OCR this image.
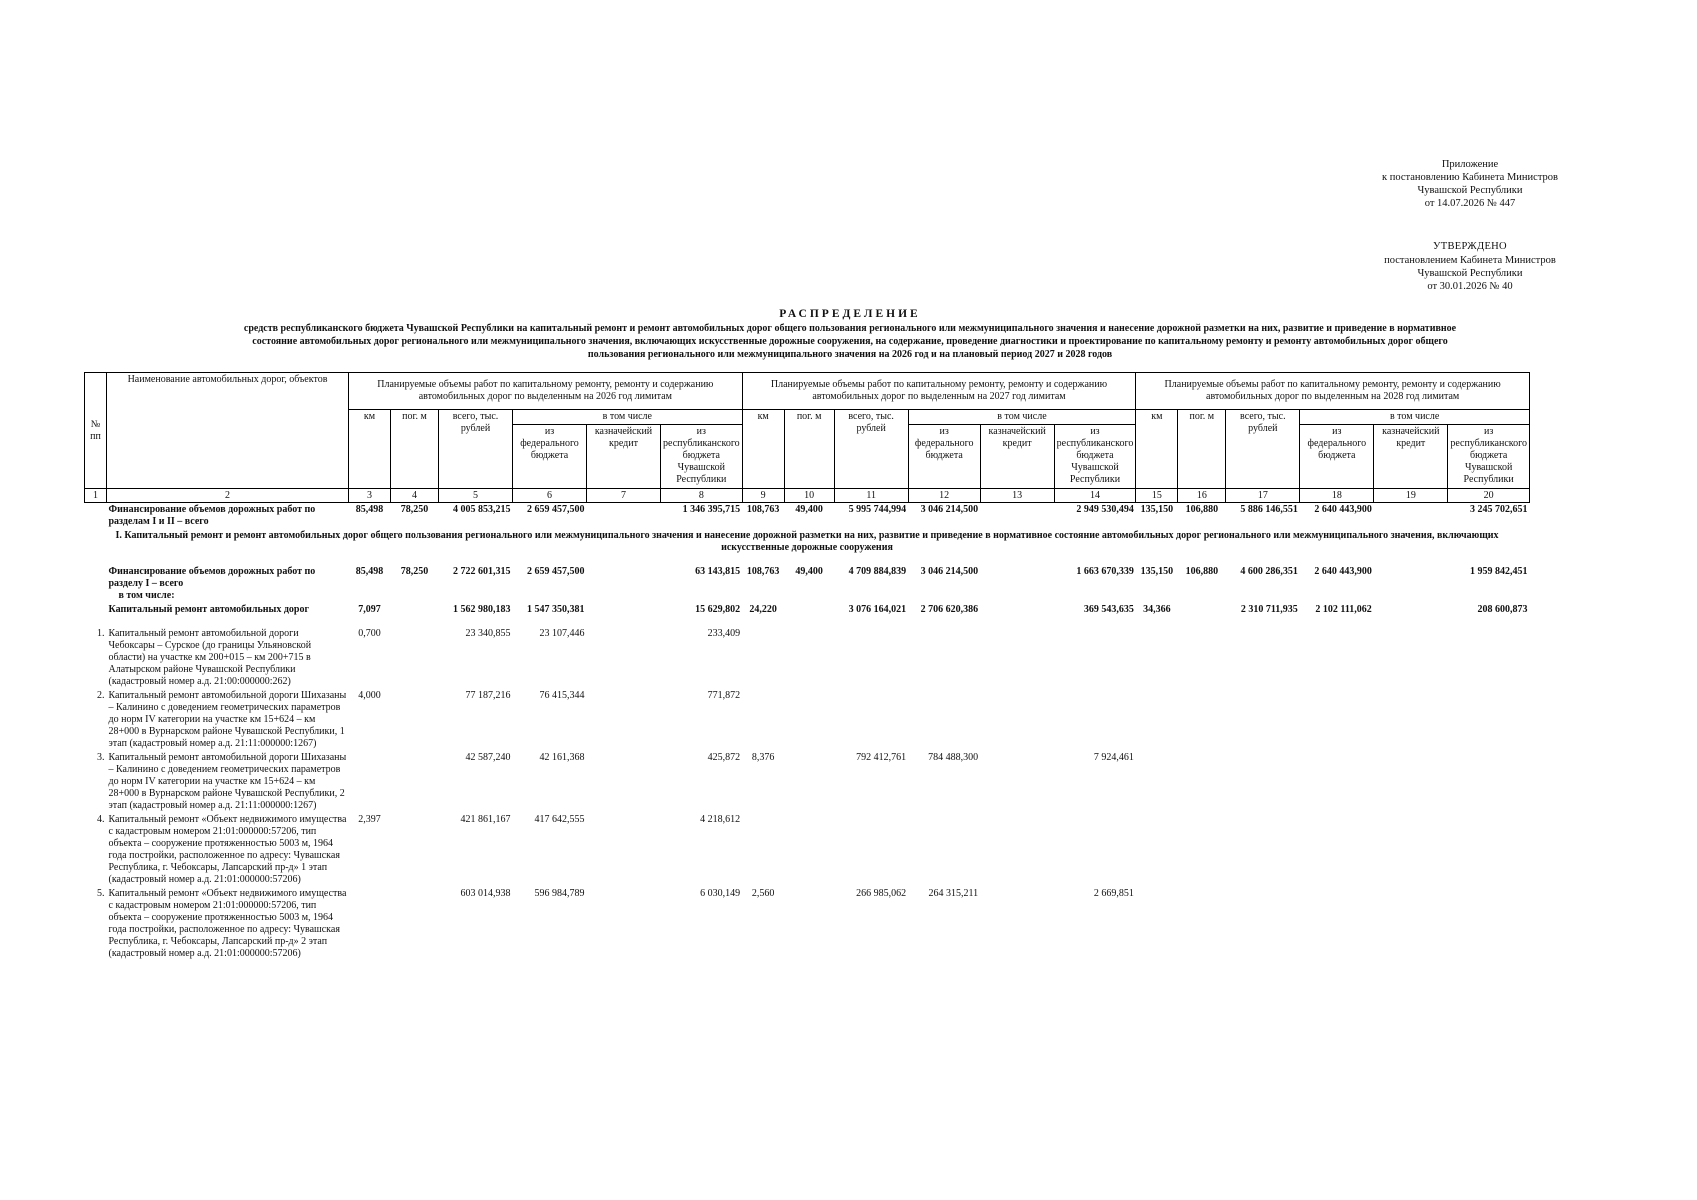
Приложение
к постановлению Кабинета Министров
Чувашской Республики
от 14.07.2026 № 447
УТВЕРЖДЕНО
постановлением Кабинета Министров
Чувашской Республики
от 30.01.2026 № 40
РАСПРЕДЕЛЕНИЕ
средств республиканского бюджета Чувашской Республики на капитальный ремонт и ремонт автомобильных дорог общего пользования регионального или межмуниципального значения и нанесение дорожной разметки на них, развитие и приведение в нормативное
состояние автомобильных дорог регионального или межмуниципального значения, включающих искусственные дорожные сооружения, на содержание, проведение диагностики и проектирование по капитальному ремонту и ремонту автомобильных дорог общего
пользования регионального или межмуниципального значения на 2026 год и на плановый период 2027 и 2028 годов
№ пп	Наименование автомобильных дорог, объектов	Планируемые объемы работ по капитальному ремонту, ремонту и содержанию автомобильных дорог по выделенным на 2026 год лимитам						Планируемые объемы работ по капитальному ремонту, ремонту и содержанию автомобильных дорог по выделенным на 2027 год лимитам						Планируемые объемы работ по капитальному ремонту, ремонту и содержанию автомобильных дорог по выделенным на 2028 год лимитам					
		км	пог. м	всего, тыс. рублей	в том числе			км	пог. м	всего, тыс. рублей	в том числе			км	пог. м	всего, тыс. рублей	в том числе		
					из федерального бюджета	казначейский кредит	из республиканского бюджета Чувашской Республики				из федерального бюджета	казначейский кредит	из республиканского бюджета Чувашской Республики				из федерального бюджета	казначейский кредит	из республиканского бюджета Чувашской Республики
1	2	3	4	5	6	7	8	9	10	11	12	13	14	15	16	17	18	19	20
	Финансирование объемов дорожных работ по разделам I и II – всего	85,498	78,250	4 005 853,215	2 659 457,500		1 346 395,715	108,763	49,400	5 995 744,994	3 046 214,500		2 949 530,494	135,150	106,880	5 886 146,551	2 640 443,900		3 245 702,651
I. Капитальный ремонт и ремонт автомобильных дорог общего пользования регионального или межмуниципального значения и нанесение дорожной разметки на них, развитие и приведение в нормативное состояние автомобильных дорог регионального или межмуниципального значения, включающих искусственные дорожные сооружения																			

	Финансирование объемов дорожных работ по разделу I – всего
в том числе:	85,498	78,250	2 722 601,315	2 659 457,500		63 143,815	108,763	49,400	4 709 884,839	3 046 214,500		1 663 670,339	135,150	106,880	4 600 286,351	2 640 443,900		1 959 842,451
	Капитальный ремонт автомобильных дорог	7,097		1 562 980,183	1 547 350,381		15 629,802	24,220		3 076 164,021	2 706 620,386		369 543,635	34,366		2 310 711,935	2 102 111,062		208 600,873

1.	Капитальный ремонт автомобильной дороги Чебоксары – Сурское (до границы Ульяновской области) на участке км 200+015 – км 200+715 в Алатырском районе Чувашской Республики (кадастровый номер а.д. 21:00:000000:262)	0,700		23 340,855	23 107,446		233,409												
2.	Капитальный ремонт автомобильной дороги Шихазаны – Калинино с доведением геометрических параметров до норм IV категории на участке км 15+624 – км 28+000 в Вурнарском районе Чувашской Республики, 1 этап (кадастровый номер а.д. 21:11:000000:1267)	4,000		77 187,216	76 415,344		771,872												
3.	Капитальный ремонт автомобильной дороги Шихазаны – Калинино с доведением геометрических параметров до норм IV категории на участке км 15+624 – км 28+000 в Вурнарском районе Чувашской Республики, 2 этап (кадастровый номер а.д. 21:11:000000:1267)			42 587,240	42 161,368		425,872	8,376		792 412,761	784 488,300		7 924,461						
4.	Капитальный ремонт «Объект недвижимого имущества с кадастровым номером 21:01:000000:57206, тип объекта – сооружение протяженностью 5003 м, 1964 года постройки, расположенное по адресу: Чувашская Республика, г. Чебоксары, Лапсарский пр-д» 1 этап (кадастровый номер а.д. 21:01:000000:57206)	2,397		421 861,167	417 642,555		4 218,612												
5.	Капитальный ремонт «Объект недвижимого имущества с кадастровым номером 21:01:000000:57206, тип объекта – сооружение протяженностью 5003 м, 1964 года постройки, расположенное по адресу: Чувашская Республика, г. Чебоксары, Лапсарский пр-д» 2 этап (кадастровый номер а.д. 21:01:000000:57206)			603 014,938	596 984,789		6 030,149	2,560		266 985,062	264 315,211		2 669,851						
